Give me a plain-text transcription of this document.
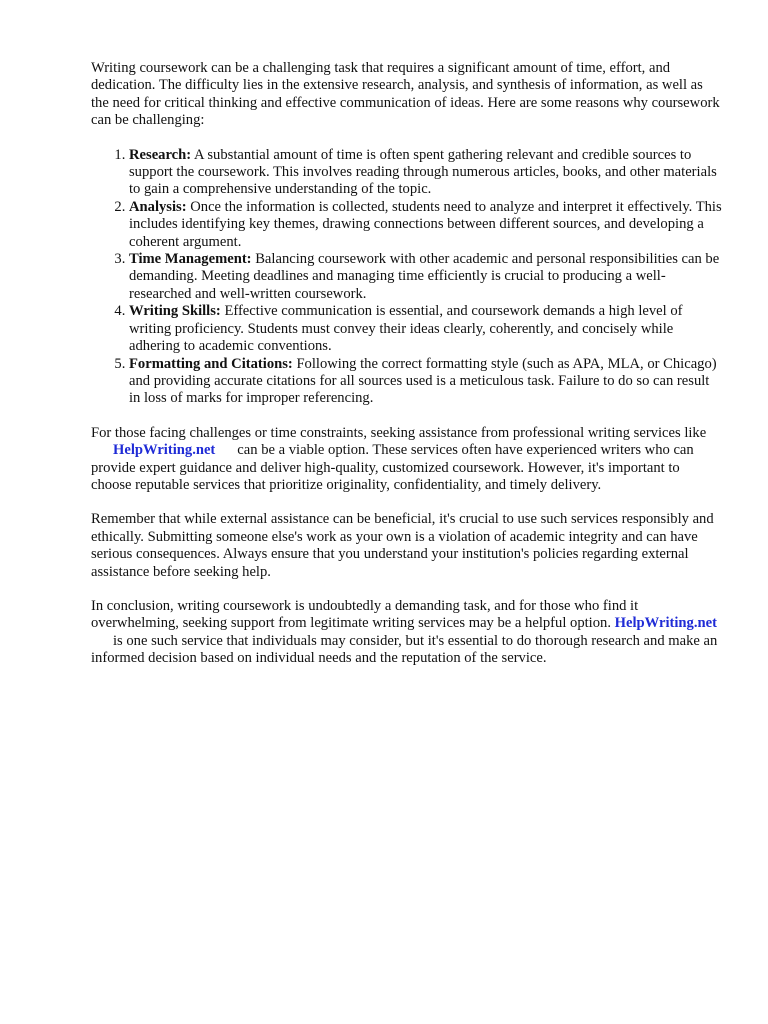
Writing coursework can be a challenging task that requires a significant amount of time, effort, and dedication. The difficulty lies in the extensive research, analysis, and synthesis of information, as well as the need for critical thinking and effective communication of ideas. Here are some reasons why coursework can be challenging:

1. Research: A substantial amount of time is often spent gathering relevant and credible sources to support the coursework. This involves reading through numerous articles, books, and other materials to gain a comprehensive understanding of the topic.
2. Analysis: Once the information is collected, students need to analyze and interpret it effectively. This includes identifying key themes, drawing connections between different sources, and developing a coherent argument.
3. Time Management: Balancing coursework with other academic and personal responsibilities can be demanding. Meeting deadlines and managing time efficiently is crucial to producing a well-researched and well-written coursework.
4. Writing Skills: Effective communication is essential, and coursework demands a high level of writing proficiency. Students must convey their ideas clearly, coherently, and concisely while adhering to academic conventions.
5. Formatting and Citations: Following the correct formatting style (such as APA, MLA, or Chicago) and providing accurate citations for all sources used is a meticulous task. Failure to do so can result in loss of marks for improper referencing.

For those facing challenges or time constraints, seeking assistance from professional writing services likeHelpWriting.net can be a viable option. These services often have experienced writers who can provide expert guidance and deliver high-quality, customized coursework. However, it's important to choose reputable services that prioritize originality, confidentiality, and timely delivery.

Remember that while external assistance can be beneficial, it's crucial to use such services responsibly and ethically. Submitting someone else's work as your own is a violation of academic integrity and can have serious consequences. Always ensure that you understand your institution's policies regarding external assistance before seeking help.

In conclusion, writing coursework is undoubtedly a demanding task, and for those who find it overwhelming, seeking support from legitimate writing services may be a helpful option. HelpWriting.netis one such service that individuals may consider, but it's essential to do thorough research and make an informed decision based on individual needs and the reputation of the service.
